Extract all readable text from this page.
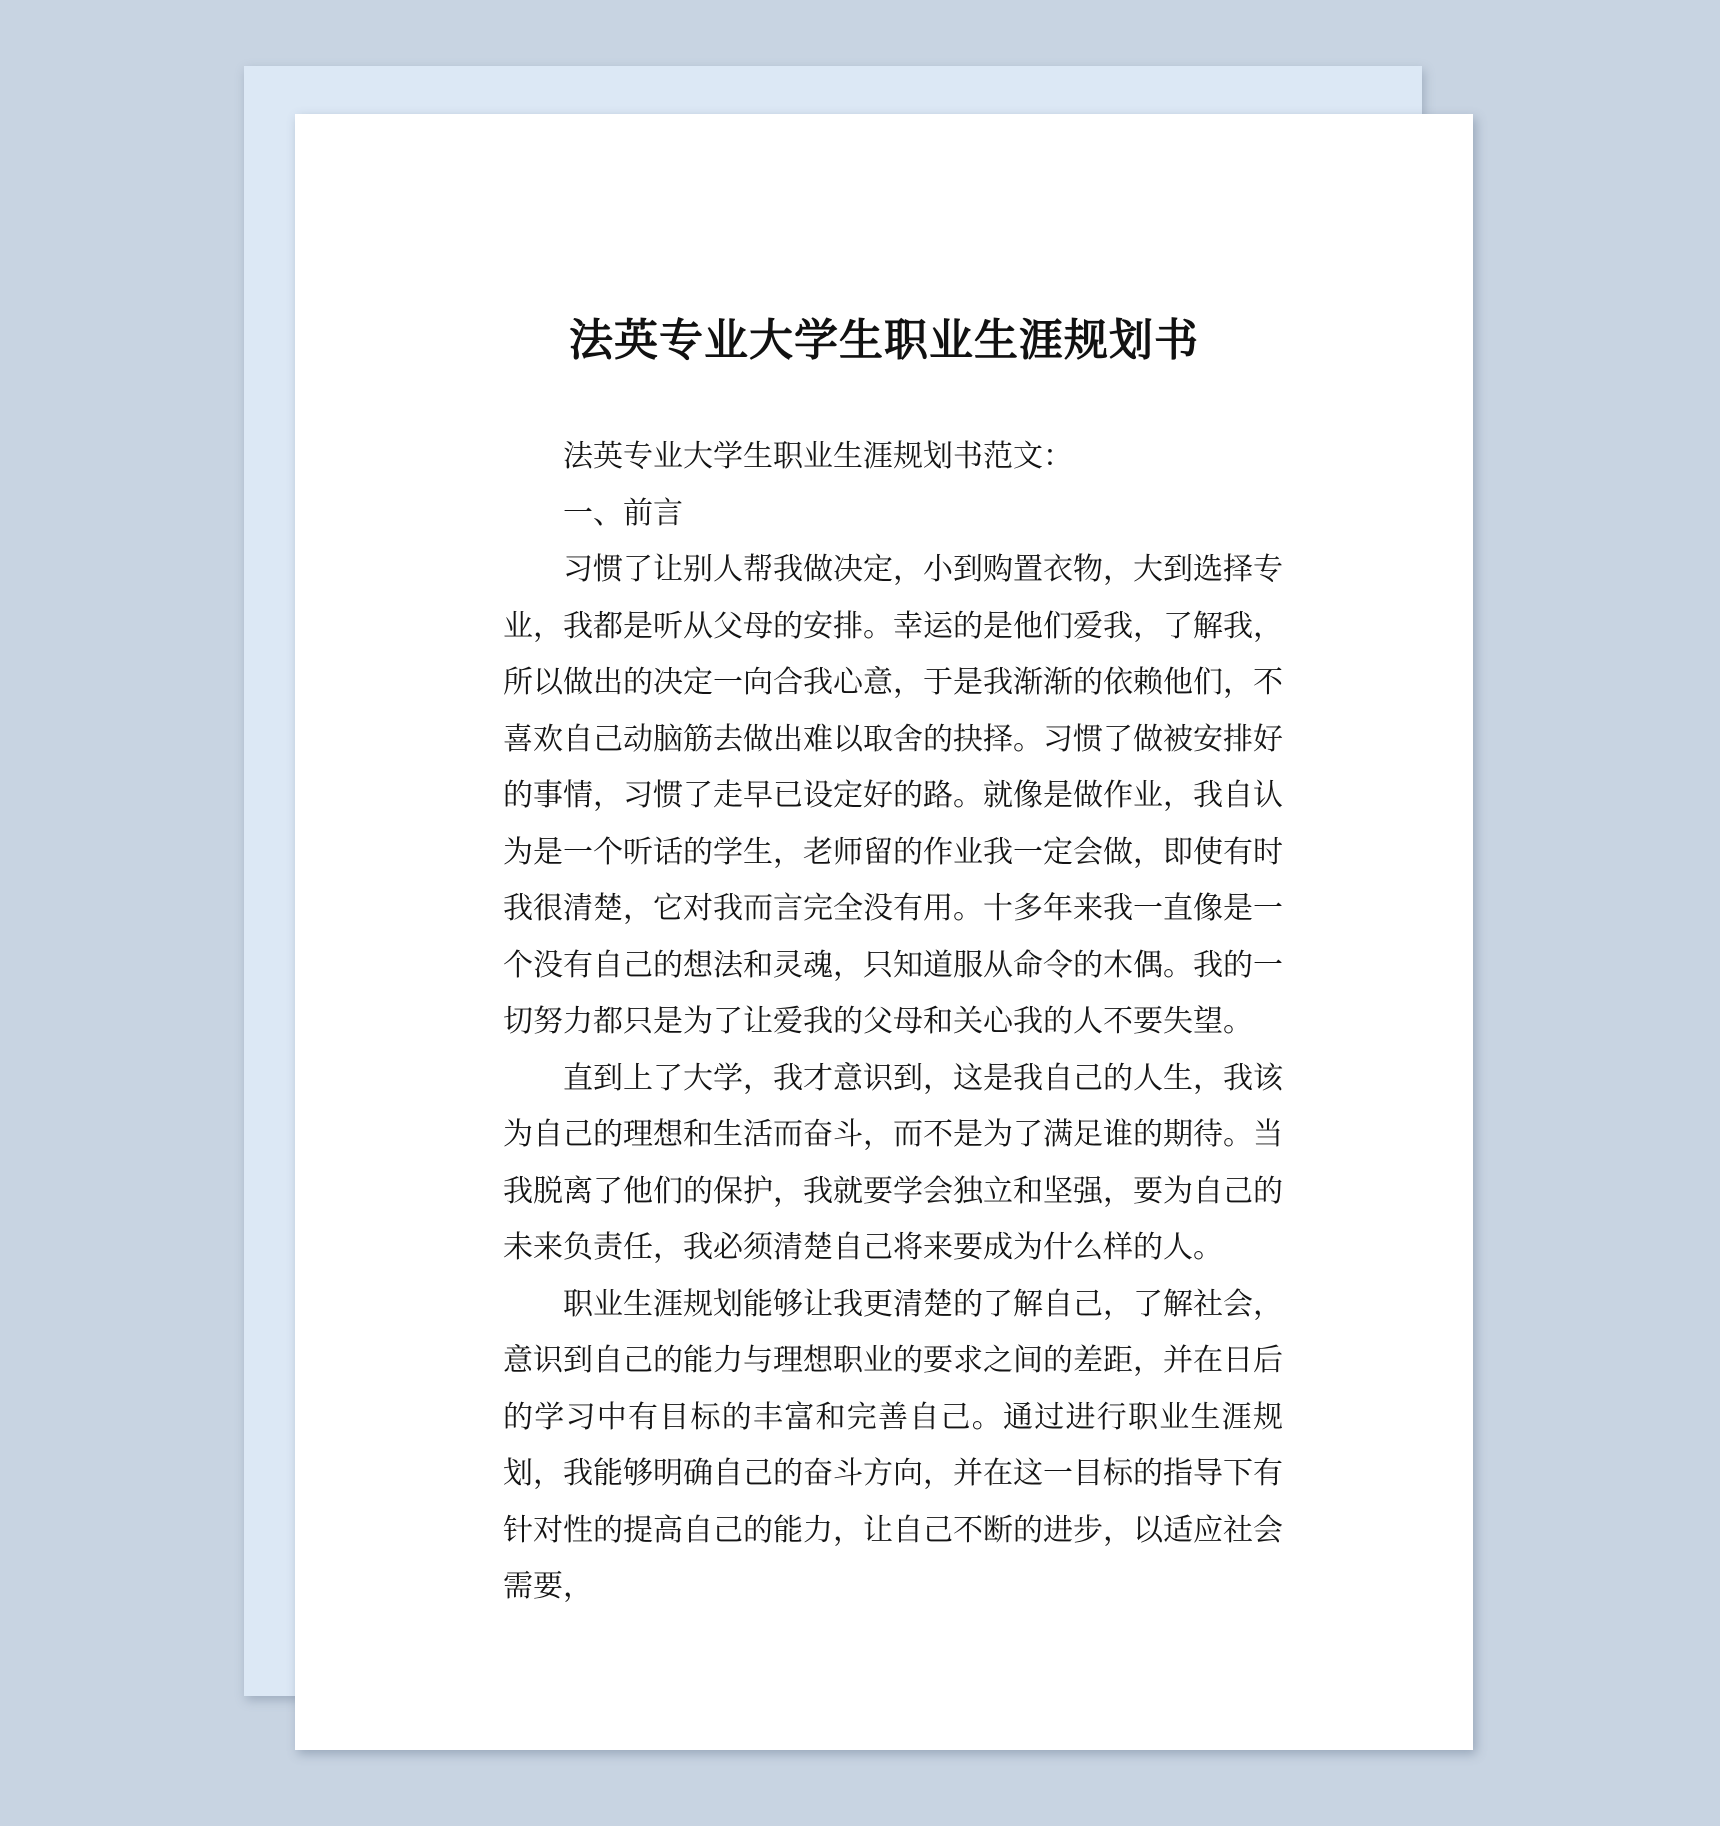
法英专业大学生职业生涯规划书

法英专业大学生职业生涯规划书范文：

一、前言

习惯了让别人帮我做决定，小到购置衣物，大到选择专业，我都是听从父母的安排。幸运的是他们爱我，了解我，所以做出的决定一向合我心意，于是我渐渐的依赖他们，不喜欢自己动脑筋去做出难以取舍的抉择。习惯了做被安排好的事情，习惯了走早已设定好的路。就像是做作业，我自认为是一个听话的学生，老师留的作业我一定会做，即使有时我很清楚，它对我而言完全没有用。十多年来我一直像是一个没有自己的想法和灵魂，只知道服从命令的木偶。我的一切努力都只是为了让爱我的父母和关心我的人不要失望。

直到上了大学，我才意识到，这是我自己的人生，我该为自己的理想和生活而奋斗，而不是为了满足谁的期待。当我脱离了他们的保护，我就要学会独立和坚强，要为自己的未来负责任，我必须清楚自己将来要成为什么样的人。

职业生涯规划能够让我更清楚的了解自己，了解社会，意识到自己的能力与理想职业的要求之间的差距，并在日后的学习中有目标的丰富和完善自己。通过进行职业生涯规划，我能够明确自己的奋斗方向，并在这一目标的指导下有针对性的提高自己的能力，让自己不断的进步，以适应社会需要，
